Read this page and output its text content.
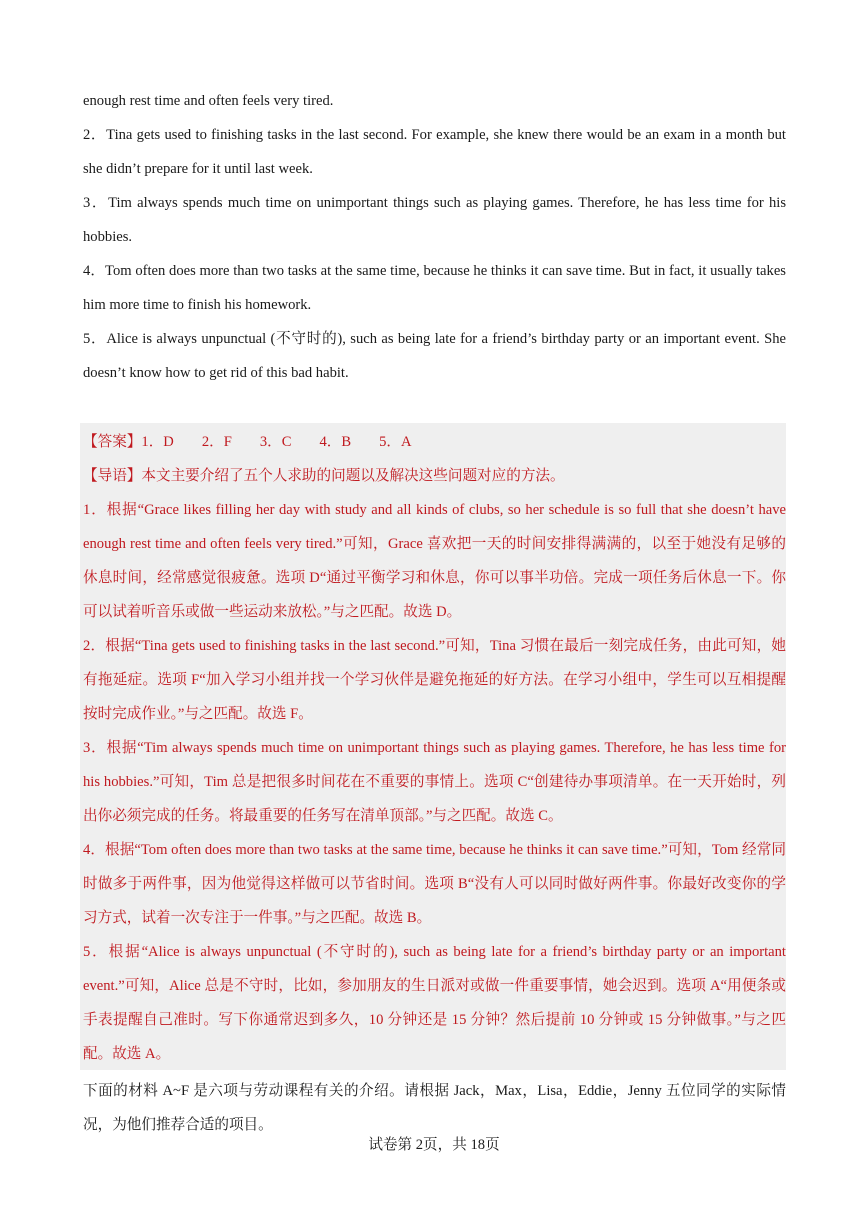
enough rest time and often feels very tired.

2．Tina gets used to finishing tasks in the last second. For example, she knew there would be an exam in a month but she didn’t prepare for it until last week.

3．Tim always spends much time on unimportant things such as playing games. Therefore, he has less time for his hobbies.

4．Tom often does more than two tasks at the same time, because he thinks it can save time. But in fact, it usually takes him more time to finish his homework.

5．Alice is always unpunctual (不守时的), such as being late for a friend’s birthday party or an important event. She doesn’t know how to get rid of this bad habit.

【答案】1．D 2．F 3．C 4．B 5．A

【导语】本文主要介绍了五个人求助的问题以及解决这些问题对应的方法。

1．根据“Grace likes filling her day with study and all kinds of clubs, so her schedule is so full that she doesn’t have enough rest time and often feels very tired.”可知，Grace 喜欢把一天的时间安排得满满的，以至于她没有足够的休息时间，经常感觉很疲惫。选项 D“通过平衡学习和休息，你可以事半功倍。完成一项任务后休息一下。你可以试着听音乐或做一些运动来放松。”与之匹配。故选 D。

2．根据“Tina gets used to finishing tasks in the last second.”可知，Tina 习惯在最后一刻完成任务，由此可知，她有拖延症。选项 F“加入学习小组并找一个学习伙伴是避免拖延的好方法。在学习小组中，学生可以互相提醒按时完成作业。”与之匹配。故选 F。

3．根据“Tim always spends much time on unimportant things such as playing games. Therefore, he has less time for his hobbies.”可知，Tim 总是把很多时间花在不重要的事情上。选项 C“创建待办事项清单。在一天开始时，列出你必须完成的任务。将最重要的任务写在清单顶部。”与之匹配。故选 C。

4．根据“Tom often does more than two tasks at the same time, because he thinks it can save time.”可知，Tom 经常同时做多于两件事，因为他觉得这样做可以节省时间。选项 B“没有人可以同时做好两件事。你最好改变你的学习方式，试着一次专注于一件事。”与之匹配。故选 B。

5．根据“Alice is always unpunctual (不守时的), such as being late for a friend’s birthday party or an important event.”可知，Alice 总是不守时，比如，参加朋友的生日派对或做一件重要事情，她会迟到。选项 A“用便条或手表提醒自己准时。写下你通常迟到多久，10 分钟还是 15 分钟？然后提前 10 分钟或 15 分钟做事。”与之匹配。故选 A。

下面的材料 A~F 是六项与劳动课程有关的介绍。请根据 Jack，Max，Lisa，Eddie，Jenny 五位同学的实际情况，为他们推荐合适的项目。

试卷第 2页，共 18页
